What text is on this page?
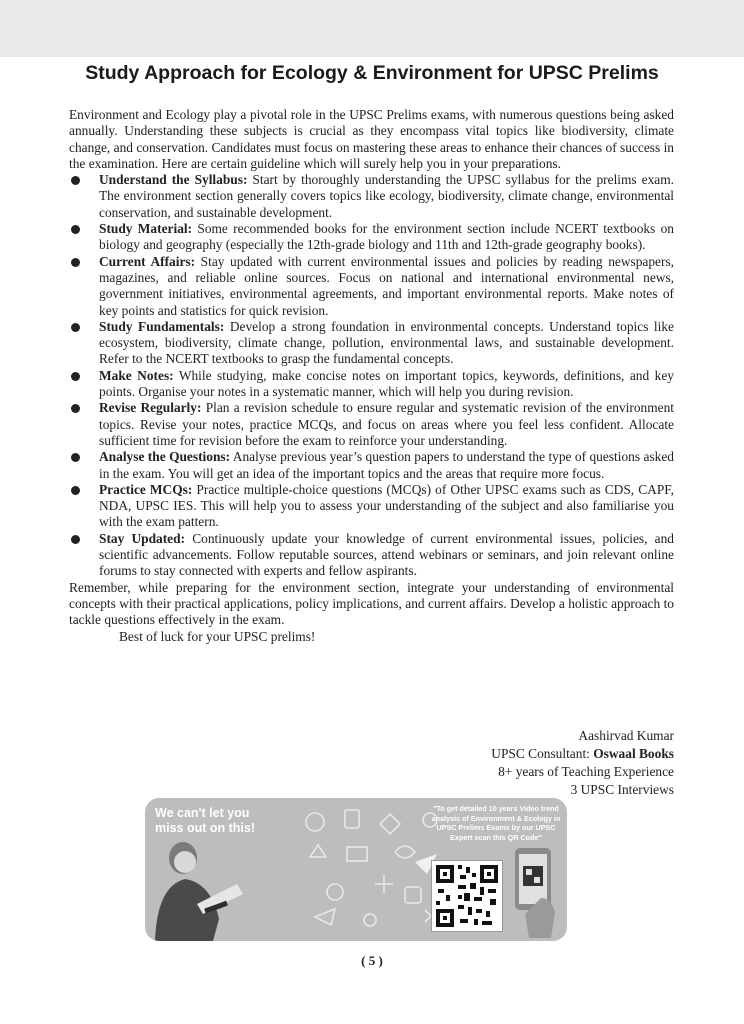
Study Approach for Ecology & Environment for UPSC Prelims

Environment and Ecology play a pivotal role in the UPSC Prelims exams, with numerous questions being asked annually. Understanding these subjects is crucial as they encompass vital topics like biodiversity, climate change, and conservation. Candidates must focus on mastering these areas to enhance their chances of success in the examination. Here are certain guideline which will surely help you in your preparations.

Understand the Syllabus: Start by thoroughly understanding the UPSC syllabus for the prelims exam. The environment section generally covers topics like ecology, biodiversity, climate change, environmental conservation, and sustainable development.
Study Material: Some recommended books for the environment section include NCERT textbooks on biology and geography (especially the 12th-grade biology and 11th and 12th-grade geography books).
Current Affairs: Stay updated with current environmental issues and policies by reading newspapers, magazines, and reliable online sources. Focus on national and international environmental news, government initiatives, environmental agreements, and important environmental reports. Make notes of key points and statistics for quick revision.
Study Fundamentals: Develop a strong foundation in environmental concepts. Understand topics like ecosystem, biodiversity, climate change, pollution, environmental laws, and sustainable development. Refer to the NCERT textbooks to grasp the fundamental concepts.
Make Notes: While studying, make concise notes on important topics, keywords, definitions, and key points. Organise your notes in a systematic manner, which will help you during revision.
Revise Regularly: Plan a revision schedule to ensure regular and systematic revision of the environment topics. Revise your notes, practice MCQs, and focus on areas where you feel less confident. Allocate sufficient time for revision before the exam to reinforce your understanding.
Analyse the Questions: Analyse previous year’s question papers to understand the type of questions asked in the exam. You will get an idea of the important topics and the areas that require more focus.
Practice MCQs: Practice multiple-choice questions (MCQs) of Other UPSC exams such as CDS, CAPF, NDA, UPSC IES. This will help you to assess your understanding of the subject and also familiarise you with the exam pattern.
Stay Updated: Continuously update your knowledge of current environmental issues, policies, and scientific advancements. Follow reputable sources, attend webinars or seminars, and join relevant online forums to stay connected with experts and fellow aspirants.

Remember, while preparing for the environment section, integrate your understanding of environmental concepts with their practical applications, policy implications, and current affairs. Develop a holistic approach to tackle questions effectively in the exam.

Best of luck for your UPSC prelims!

Aashirvad Kumar
UPSC Consultant: Oswaal Books
8+ years of Teaching Experience
3 UPSC Interviews
We can't let you
miss out on this!
"To get detailed 10 years Video trend analysis of Environment & Ecology in UPSC Prelims Exams by our UPSC Expert scan this QR Code"
( 5 )
